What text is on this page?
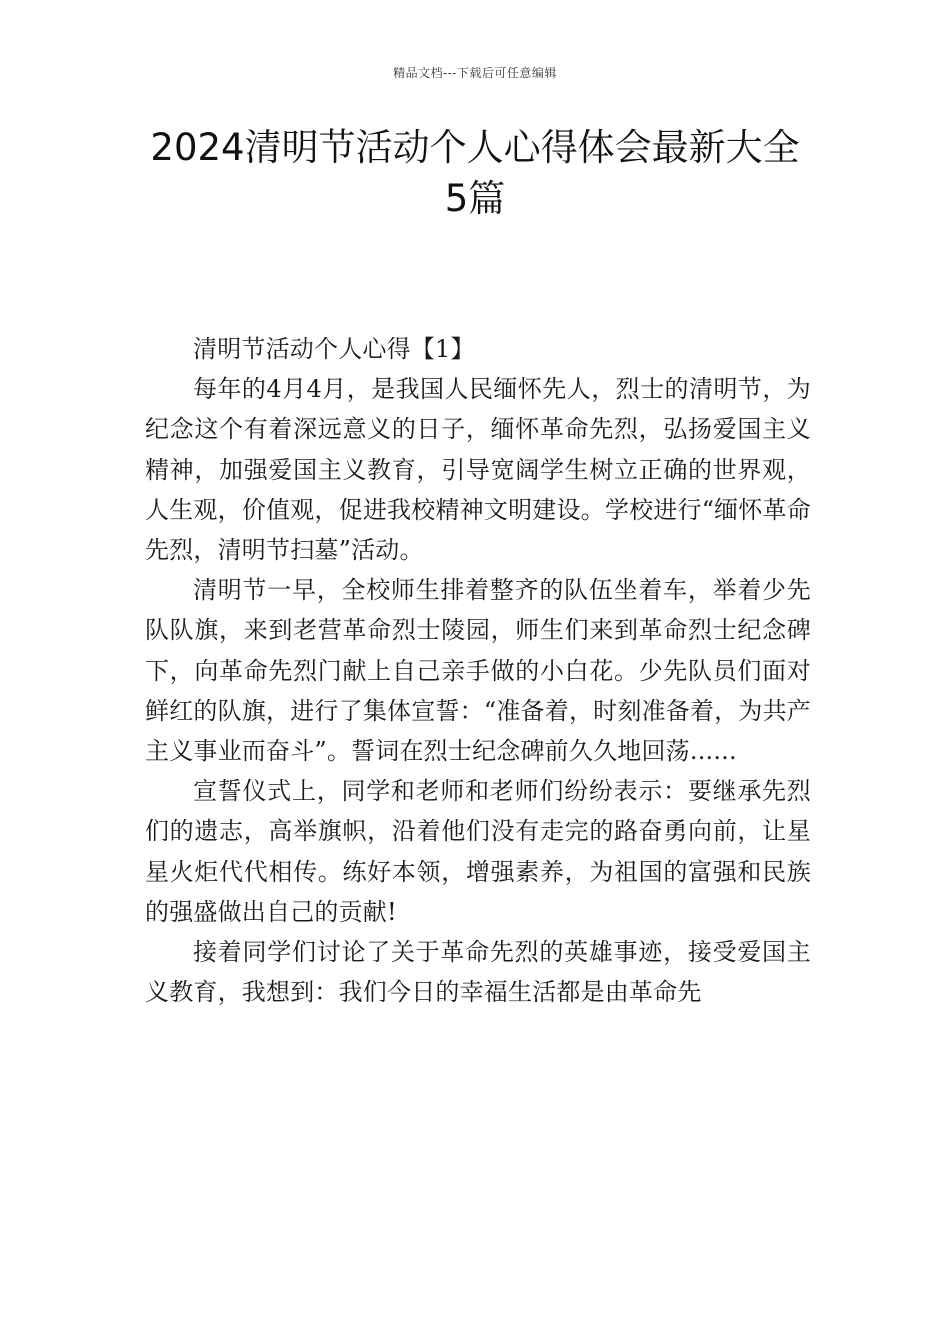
精品文档---下载后可任意编辑
2024清明节活动个人心得体会最新大全
5篇

清明节活动个人心得【1】

每年的4月4月，是我国人民缅怀先人，烈士的清明节，为纪念这个有着深远意义的日子，缅怀革命先烈，弘扬爱国主义精神，加强爱国主义教育，引导宽阔学生树立正确的世界观，人生观，价值观，促进我校精神文明建设。学校进行“缅怀革命先烈，清明节扫墓”活动。

清明节一早，全校师生排着整齐的队伍坐着车，举着少先队队旗，来到老营革命烈士陵园，师生们来到革命烈士纪念碑下，向革命先烈门献上自己亲手做的小白花。少先队员们面对鲜红的队旗，进行了集体宣誓：“准备着，时刻准备着，为共产主义事业而奋斗”。誓词在烈士纪念碑前久久地回荡......

宣誓仪式上，同学和老师和老师们纷纷表示：要继承先烈们的遗志，高举旗帜，沿着他们没有走完的路奋勇向前，让星星火炬代代相传。练好本领，增强素养，为祖国的富强和民族的强盛做出自己的贡献!

接着同学们讨论了关于革命先烈的英雄事迹，接受爱国主义教育，我想到：我们今日的幸福生活都是由革命先
